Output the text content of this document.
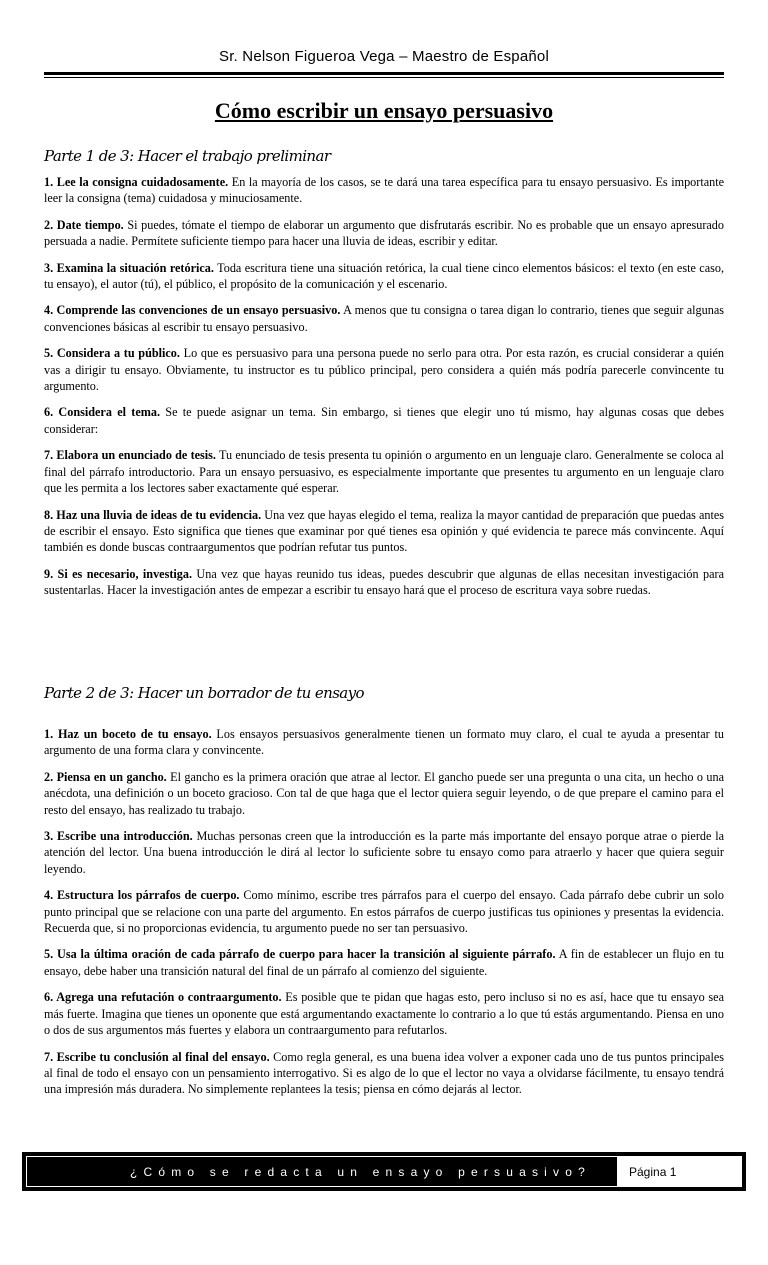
Sr. Nelson Figueroa Vega – Maestro de Español
Cómo escribir un ensayo persuasivo
Parte 1 de 3: Hacer el trabajo preliminar

1. Lee la consigna cuidadosamente. En la mayoría de los casos, se te dará una tarea específica para tu ensayo persuasivo. Es importante leer la consigna (tema) cuidadosa y minuciosamente.

2. Date tiempo. Si puedes, tómate el tiempo de elaborar un argumento que disfrutarás escribir. No es probable que un ensayo apresurado persuada a nadie. Permítete suficiente tiempo para hacer una lluvia de ideas, escribir y editar.

3. Examina la situación retórica. Toda escritura tiene una situación retórica, la cual tiene cinco elementos básicos: el texto (en este caso, tu ensayo), el autor (tú), el público, el propósito de la comunicación y el escenario.

4. Comprende las convenciones de un ensayo persuasivo. A menos que tu consigna o tarea digan lo contrario, tienes que seguir algunas convenciones básicas al escribir tu ensayo persuasivo.

5. Considera a tu público. Lo que es persuasivo para una persona puede no serlo para otra. Por esta razón, es crucial considerar a quién vas a dirigir tu ensayo. Obviamente, tu instructor es tu público principal, pero considera a quién más podría parecerle convincente tu argumento.

6. Considera el tema. Se te puede asignar un tema. Sin embargo, si tienes que elegir uno tú mismo, hay algunas cosas que debes considerar:

7. Elabora un enunciado de tesis. Tu enunciado de tesis presenta tu opinión o argumento en un lenguaje claro. Generalmente se coloca al final del párrafo introductorio. Para un ensayo persuasivo, es especialmente importante que presentes tu argumento en un lenguaje claro que les permita a los lectores saber exactamente qué esperar.

8. Haz una lluvia de ideas de tu evidencia. Una vez que hayas elegido el tema, realiza la mayor cantidad de preparación que puedas antes de escribir el ensayo. Esto significa que tienes que examinar por qué tienes esa opinión y qué evidencia te parece más convincente. Aquí también es donde buscas contraargumentos que podrían refutar tus puntos.

9. Si es necesario, investiga. Una vez que hayas reunido tus ideas, puedes descubrir que algunas de ellas necesitan investigación para sustentarlas. Hacer la investigación antes de empezar a escribir tu ensayo hará que el proceso de escritura vaya sobre ruedas.

Parte 2 de 3: Hacer un borrador de tu ensayo

1. Haz un boceto de tu ensayo. Los ensayos persuasivos generalmente tienen un formato muy claro, el cual te ayuda a presentar tu argumento de una forma clara y convincente.

2. Piensa en un gancho. El gancho es la primera oración que atrae al lector. El gancho puede ser una pregunta o una cita, un hecho o una anécdota, una definición o un boceto gracioso. Con tal de que haga que el lector quiera seguir leyendo, o de que prepare el camino para el resto del ensayo, has realizado tu trabajo.

3. Escribe una introducción. Muchas personas creen que la introducción es la parte más importante del ensayo porque atrae o pierde la atención del lector. Una buena introducción le dirá al lector lo suficiente sobre tu ensayo como para atraerlo y hacer que quiera seguir leyendo.

4. Estructura los párrafos de cuerpo. Como mínimo, escribe tres párrafos para el cuerpo del ensayo. Cada párrafo debe cubrir un solo punto principal que se relacione con una parte del argumento. En estos párrafos de cuerpo justificas tus opiniones y presentas la evidencia. Recuerda que, si no proporcionas evidencia, tu argumento puede no ser tan persuasivo.

5. Usa la última oración de cada párrafo de cuerpo para hacer la transición al siguiente párrafo. A fin de establecer un flujo en tu ensayo, debe haber una transición natural del final de un párrafo al comienzo del siguiente.

6. Agrega una refutación o contraargumento. Es posible que te pidan que hagas esto, pero incluso si no es así, hace que tu ensayo sea más fuerte. Imagina que tienes un oponente que está argumentando exactamente lo contrario a lo que tú estás argumentando. Piensa en uno o dos de sus argumentos más fuertes y elabora un contraargumento para refutarlos.

7. Escribe tu conclusión al final del ensayo. Como regla general, es una buena idea volver a exponer cada uno de tus puntos principales al final de todo el ensayo con un pensamiento interrogativo. Si es algo de lo que el lector no vaya a olvidarse fácilmente, tu ensayo tendrá una impresión más duradera. No simplemente replantees la tesis; piensa en cómo dejarás al lector.

¿Cómo se redacta un ensayo persuasivo?	Página 1
